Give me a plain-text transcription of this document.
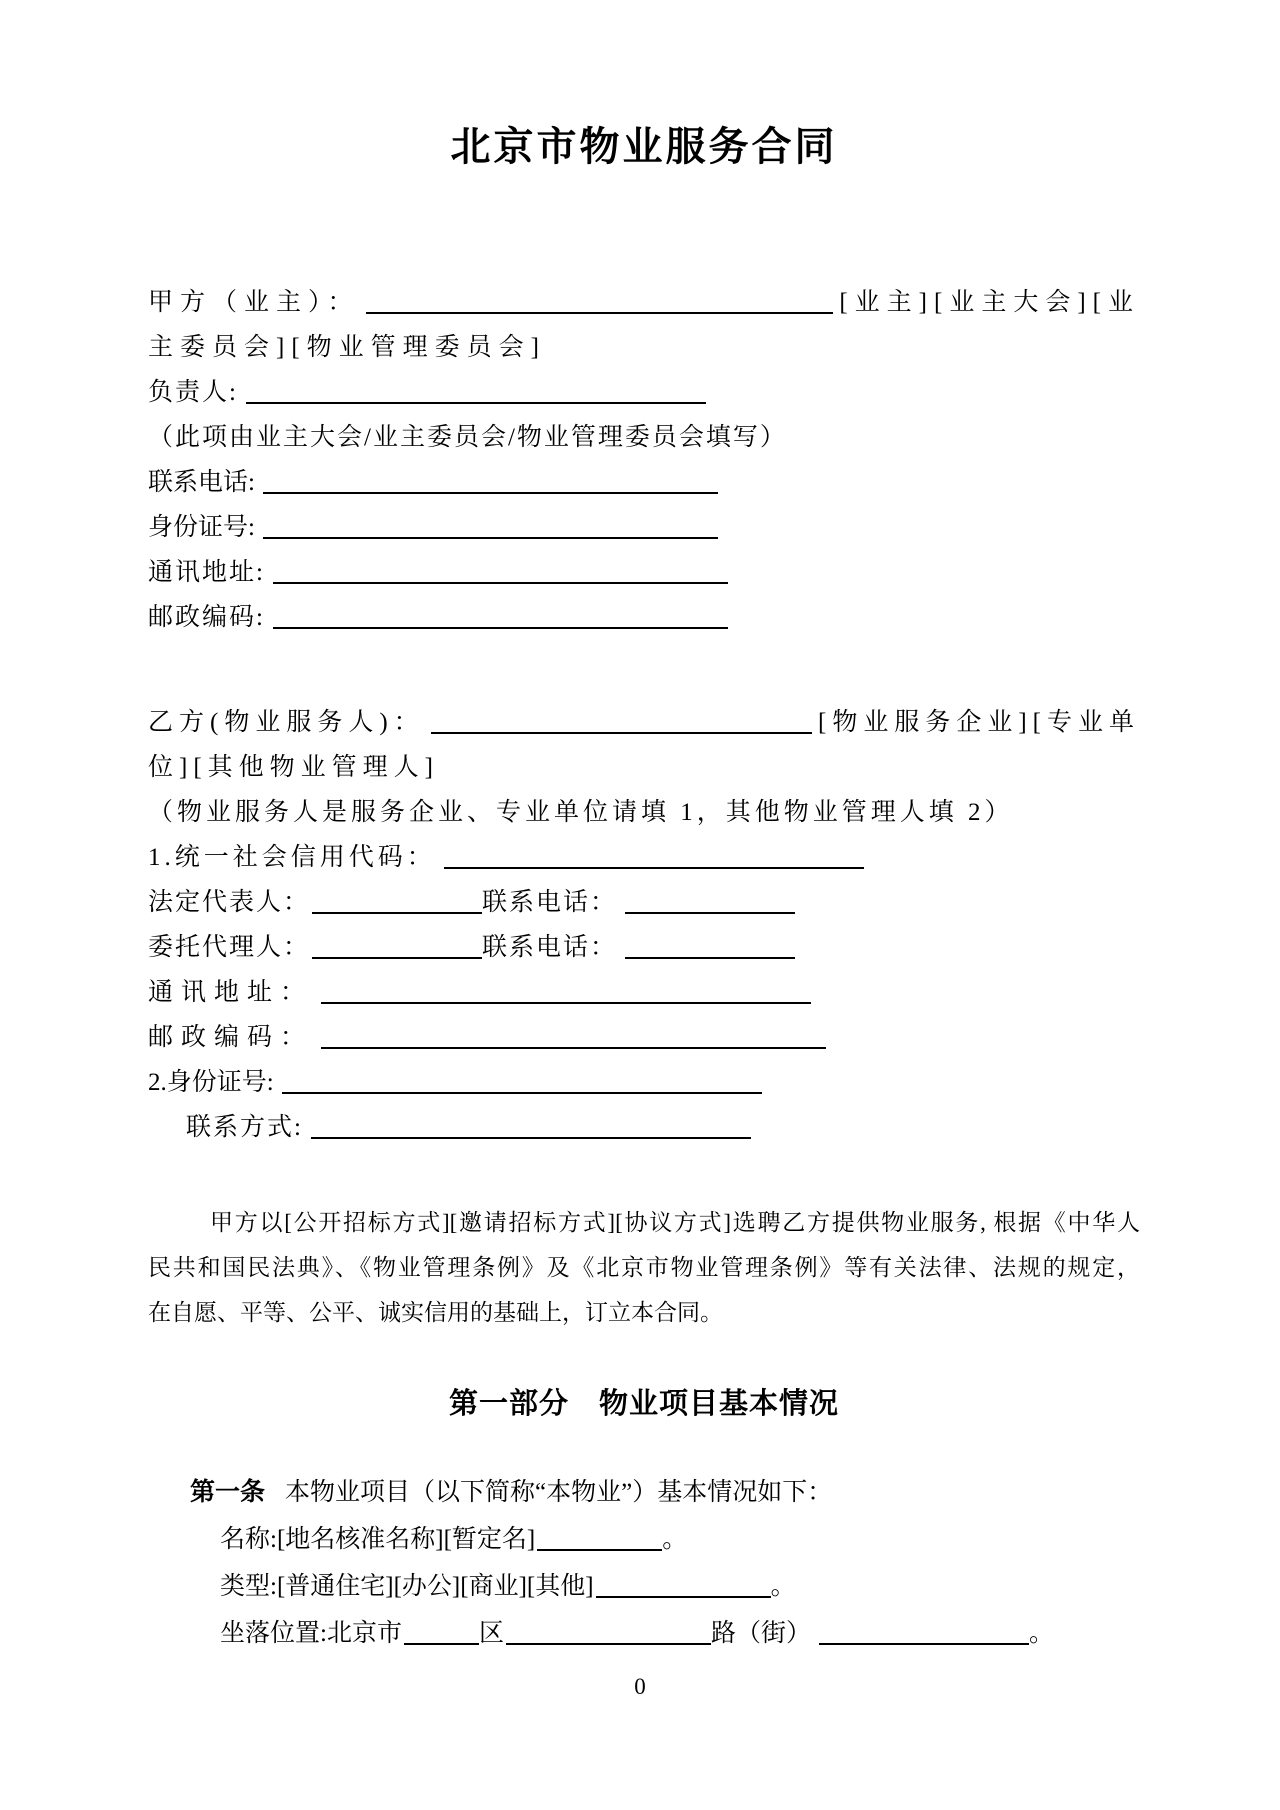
北京市物业服务合同
甲方（业主）：	[业主][业主大会][业
主委员会][物业管理委员会]
负责人:
（此项由业主大会/业主委员会/物业管理委员会填写）
联系电话:
身份证号:
通讯地址:
邮政编码:
乙方(物业服务人)：	[物业服务企业][专业单
位][其他物业管理人]
（物业服务人是服务企业、专业单位请填 1，其他物业管理人填 2）
1.统一社会信用代码：
法定代表人：	联系电话：
委托代理人：	联系电话：
通讯地址：
邮政编码：
2.身份证号:
联系方式:
甲方以[公开招标方式][邀请招标方式][协议方式]选聘乙方提供物业服务, 根据《中华人
民共和国民法典》、《物业管理条例》及《北京市物业管理条例》等有关法律、法规的规定，
在自愿、平等、公平、诚实信用的基础上，订立本合同。
第一部分　物业项目基本情况
第一条 本物业项目（以下简称“本物业”）基本情况如下：
名称:[地名核准名称][暂定名]	。
类型:[普通住宅][办公][商业][其他]	。
坐落位置:北京市	区	路（街）	。
0
